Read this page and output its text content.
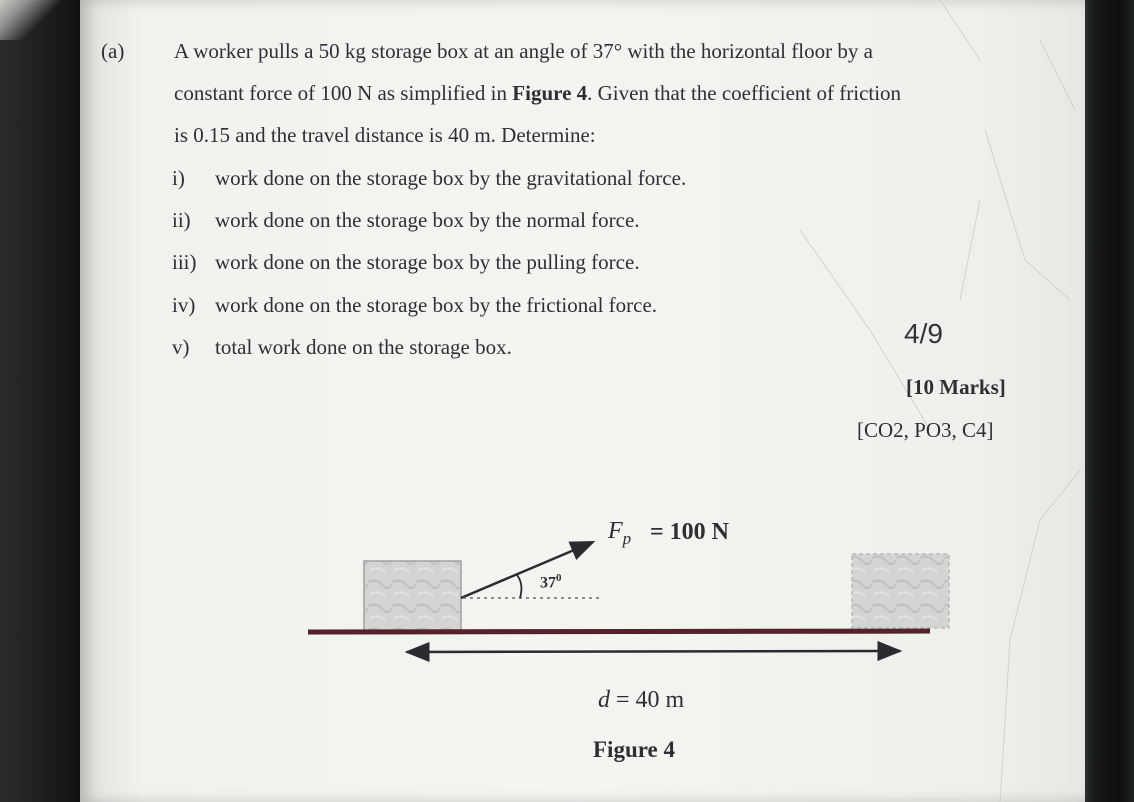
(a) A worker pulls a 50 kg storage box at an angle of 37° with the horizontal floor by a
constant force of 100 N as simplified in Figure 4. Given that the coefficient of friction
is 0.15 and the travel distance is 40 m. Determine:
i) work done on the storage box by the gravitational force.
ii) work done on the storage box by the normal force.
iii) work done on the storage box by the pulling force.
iv) work done on the storage box by the frictional force.
v) total work done on the storage box.	4/9
[10 Marks]
[CO2, PO3, C4]
$F_p = 100$ N
$37^0$
d = 40 m
Figure 4
